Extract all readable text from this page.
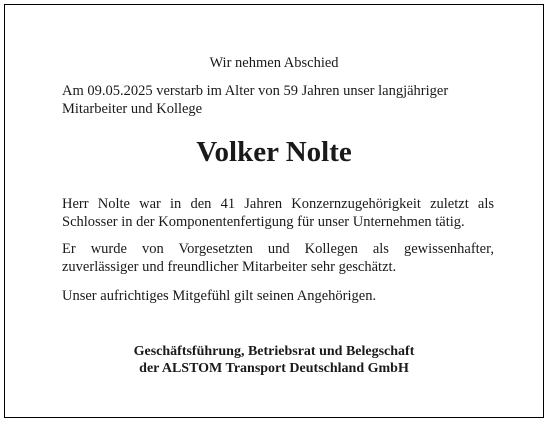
Wir nehmen Abschied

Am 09.05.2025 verstarb im Alter von 59 Jahren unser langjähriger Mitarbeiter und Kollege

Volker Nolte

Herr Nolte war in den 41 Jahren Konzernzugehörigkeit zuletzt als Schlosser in der Komponentenfertigung für unser Unternehmen tätig.

Er wurde von Vorgesetzten und Kollegen als gewissenhafter, zuverlässiger und freundlicher Mitarbeiter sehr geschätzt.

Unser aufrichtiges Mitgefühl gilt seinen Angehörigen.

Geschäftsführung, Betriebsrat und Belegschaft
der ALSTOM Transport Deutschland GmbH
